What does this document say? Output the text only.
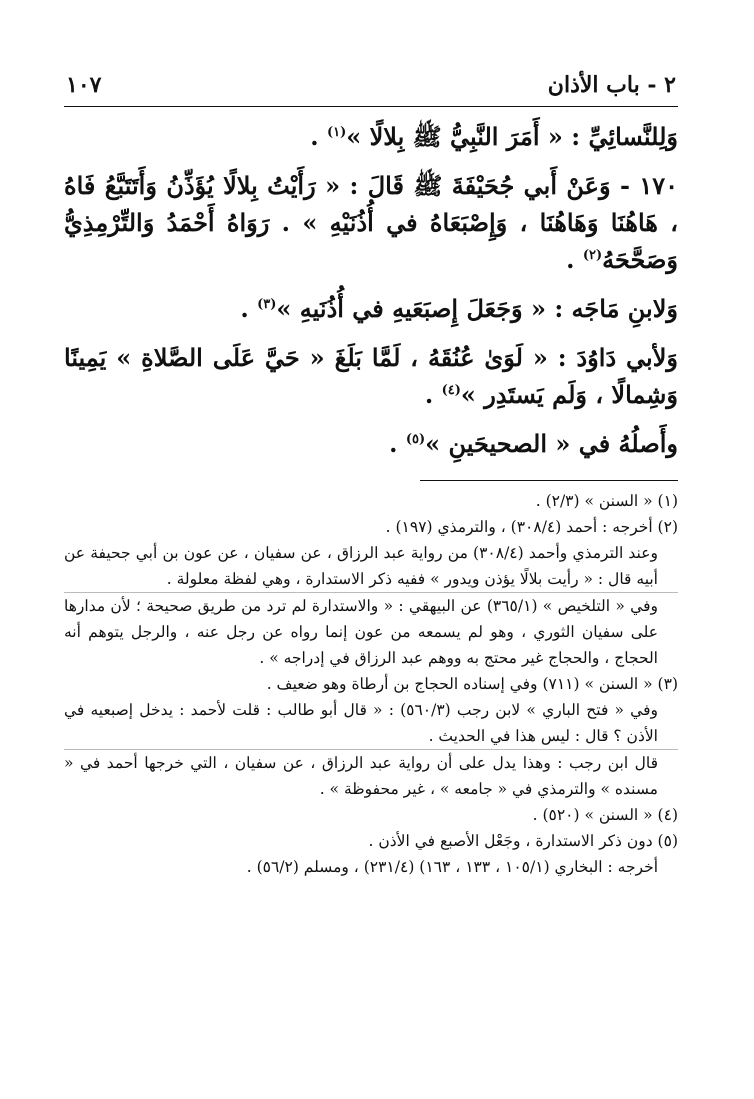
٢ - باب الأذان
١٠٧

وَلِلنَّسائِيِّ : « أَمَرَ النَّبِيُّ ﷺ بِلالًا »$^{(١)}$ .

١٧٠ - وَعَنْ أَبي جُحَيْفَةَ ﷺ قَالَ : « رَأَيْتُ بِلالًا يُؤَذِّنُ وَأَتَتَبَّعُ فَاهُ ، هَاهُنَا وَهَاهُنَا ، وَإِصْبَعَاهُ في أُذُنَيْهِ » . رَوَاهُ أَحْمَدُ وَالتِّرْمِذِيُّ وَصَحَّحَهُ$^{(٢)}$ .

وَلابنِ مَاجَه : « وَجَعَلَ إِصبَعَيهِ في أُذُنَيهِ »$^{(٣)}$ .

وَلأبي دَاوُدَ : « لَوَىٰ عُنُقَهُ ، لَمَّا بَلَغَ « حَيَّ عَلَى الصَّلاةِ » يَمِينًا وَشِمالًا ، وَلَم يَستَدِر »$^{(٤)}$ .

وأَصلُهُ في « الصحيحَينِ »$^{(٥)}$ .

(١) « السنن » (٢/٣) .

(٢) أخرجه : أحمد (٣٠٨/٤) ، والترمذي (١٩٧) .

وعند الترمذي وأحمد (٣٠٨/٤) من رواية عبد الرزاق ، عن سفيان ، عن عون بن أبي جحيفة عن أبيه قال : « رأيت بلالًا يؤذن ويدور » ففيه ذكر الاستدارة ، وهي لفظة معلولة .

وفي « التلخيص » (٣٦٥/١) عن البيهقي : « والاستدارة لم ترد من طريق صحيحة ؛ لأن مدارها على سفيان الثوري ، وهو لم يسمعه من عون إنما رواه عن رجل عنه ، والرجل يتوهم أنه الحجاج ، والحجاج غير محتج به ووهم عبد الرزاق في إدراجه » .

(٣) « السنن » (٧١١) وفي إسناده الحجاج بن أرطاة وهو ضعيف .

وفي « فتح الباري » لابن رجب (٥٦٠/٣) : « قال أبو طالب : قلت لأحمد : يدخل إصبعيه في الأذن ؟ قال : ليس هذا في الحديث .

قال ابن رجب : وهذا يدل على أن رواية عبد الرزاق ، عن سفيان ، التي خرجها أحمد في « مسنده » والترمذي في « جامعه » ، غير محفوظة » .

(٤) « السنن » (٥٢٠) .

(٥) دون ذكر الاستدارة ، وجَعْل الأصبع في الأذن .

أخرجه : البخاري (١٠٥/١ ، ١٣٣ ، ١٦٣) (٢٣١/٤) ، ومسلم (٥٦/٢) .
